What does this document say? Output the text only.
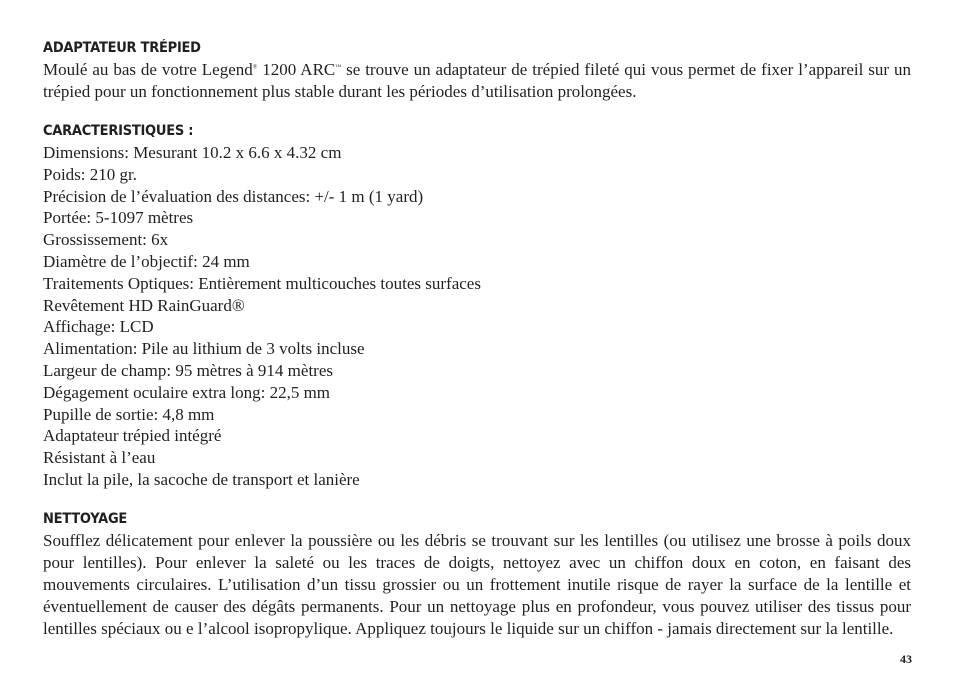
ADAPTATEUR TRÉPIED

Moulé au bas de votre Legend® 1200 ARC™ se trouve un adaptateur de trépied fileté qui vous permet de fixer l’appareil sur un trépied pour un fonctionnement plus stable durant les périodes d’utilisation prolongées.

CARACTERISTIQUES :
Dimensions: Mesurant 10.2 x 6.6 x 4.32 cm
Poids: 210 gr.
Précision de l’évaluation des distances: +/- 1 m (1 yard)
Portée: 5-1097 mètres
Grossissement: 6x
Diamètre de l’objectif: 24 mm
Traitements Optiques: Entièrement multicouches toutes surfaces
Revêtement HD RainGuard®
Affichage: LCD
Alimentation: Pile au lithium de 3 volts incluse
Largeur de champ: 95 mètres à 914 mètres
Dégagement oculaire extra long: 22,5 mm
Pupille de sortie: 4,8 mm
Adaptateur trépied intégré
Résistant à l’eau
Inclut la pile, la sacoche de transport et lanière
NETTOYAGE

Soufflez délicatement pour enlever la poussière ou les débris se trouvant sur les lentilles (ou utilisez une brosse à poils doux pour lentilles). Pour enlever la saleté ou les traces de doigts, nettoyez avec un chiffon doux en coton, en faisant des mouvements circulaires. L’utilisation d’un tissu grossier ou un frottement inutile risque de rayer la surface de la lentille et éventuellement de causer des dégâts permanents. Pour un nettoyage plus en profondeur, vous pouvez utiliser des tissus pour lentilles spéciaux ou e l’alcool isopropylique. Appliquez toujours le liquide sur un chiffon - jamais directement sur la lentille.

43
